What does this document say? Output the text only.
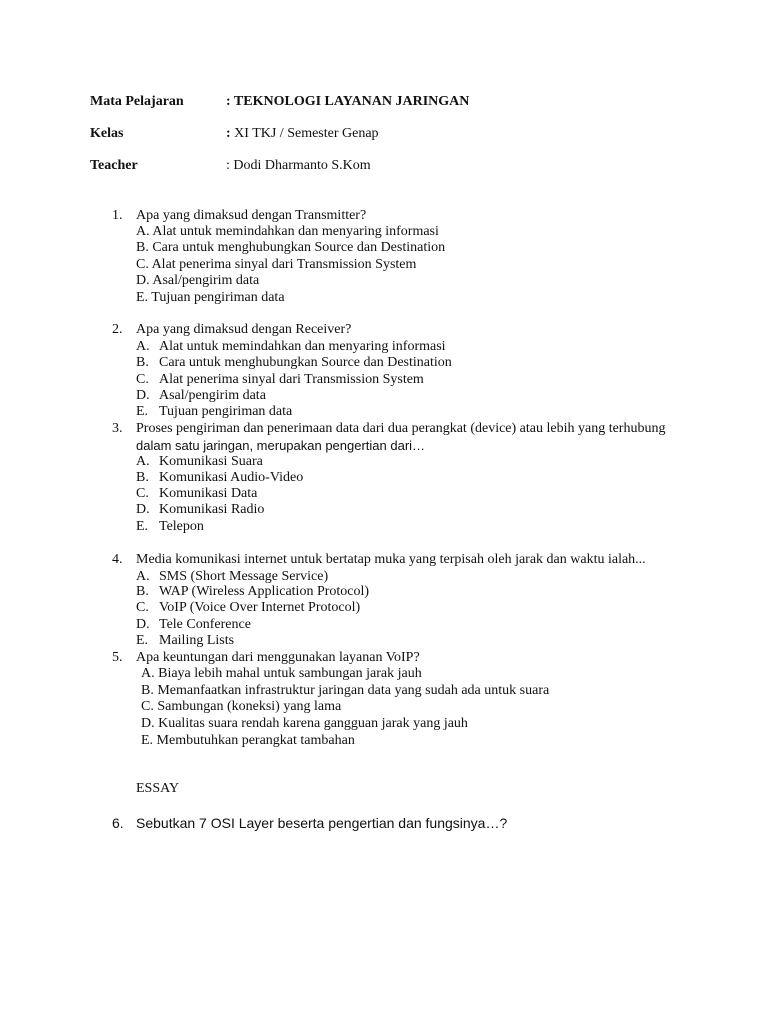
Mata Pelajaran	: TEKNOLOGI LAYANAN JARINGAN
Kelas	: XI TKJ / Semester Genap
Teacher	: Dodi Dharmanto S.Kom
1. Apa yang dimaksud dengan Transmitter?
A. Alat untuk memindahkan dan menyaring informasi
B. Cara untuk menghubungkan Source dan Destination
C. Alat penerima sinyal dari Transmission System
D. Asal/pengirim data
E. Tujuan pengiriman data
2. Apa yang dimaksud dengan Receiver?
A. Alat untuk memindahkan dan menyaring informasi
B. Cara untuk menghubungkan Source dan Destination
C. Alat penerima sinyal dari Transmission System
D. Asal/pengirim data
E. Tujuan pengiriman data
3. Proses pengiriman dan penerimaan data dari dua perangkat (device) atau lebih yang terhubung
dalam satu jaringan, merupakan pengertian dari…
A. Komunikasi Suara
B. Komunikasi Audio-Video
C. Komunikasi Data
D. Komunikasi Radio
E. Telepon
4. Media komunikasi internet untuk bertatap muka yang terpisah oleh jarak dan waktu ialah...
A. SMS (Short Message Service)
B. WAP (Wireless Application Protocol)
C. VoIP (Voice Over Internet Protocol)
D. Tele Conference
E. Mailing Lists
5. Apa keuntungan dari menggunakan layanan VoIP?
A. Biaya lebih mahal untuk sambungan jarak jauh
B. Memanfaatkan infrastruktur jaringan data yang sudah ada untuk suara
C. Sambungan (koneksi) yang lama
D. Kualitas suara rendah karena gangguan jarak yang jauh
E. Membutuhkan perangkat tambahan
ESSAY
6. Sebutkan 7 OSI Layer beserta pengertian dan fungsinya…?
